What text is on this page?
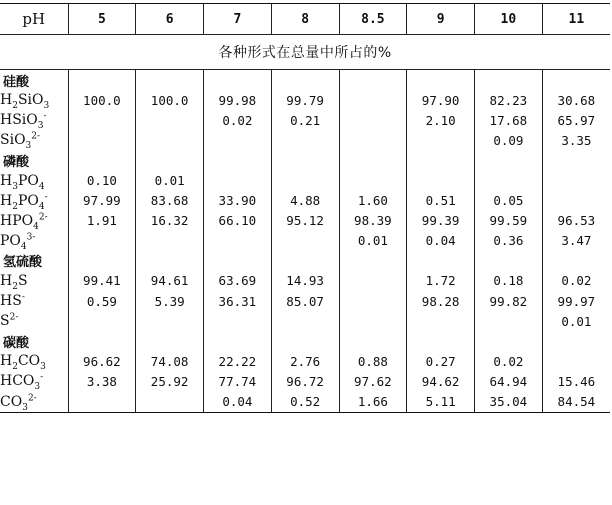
pH	5	6	7	8	8.5	9	10	11
各种形式在总量中所占的%								
硅酸								
$H_2SiO_3$	100.0	100.0	99.98	99.79		97.90	82.23	30.68
HSiO$_3$-			0.02	0.21		2.10	17.68	65.97
SiO$_3^{2-}$							0.09	3.35
磷酸								
$H_3PO_4$	0.10	0.01						
$H_2PO_4^-$	97.99	83.68	33.90	4.88	1.60	0.51	0.05	
$HPO_4^{2-}$	1.91	16.32	66.10	95.12	98.39	99.39	99.59	96.53
$PO_4^{3-}$					0.01	0.04	0.36	3.47
氢硫酸								
$H_2S$	99.41	94.61	63.69	14.93		1.72	0.18	0.02
HS-	0.59	5.39	36.31	85.07		98.28	99.82	99.97
$S^{2-}$								0.01
碳酸								
$H_2CO_3$	96.62	74.08	22.22	2.76	0.88	0.27	0.02	
$HCO_3^-$	3.38	25.92	77.74	96.72	97.62	94.62	64.94	15.46
$CO_3^{2-}$			0.04	0.52	1.66	5.11	35.04	84.54
